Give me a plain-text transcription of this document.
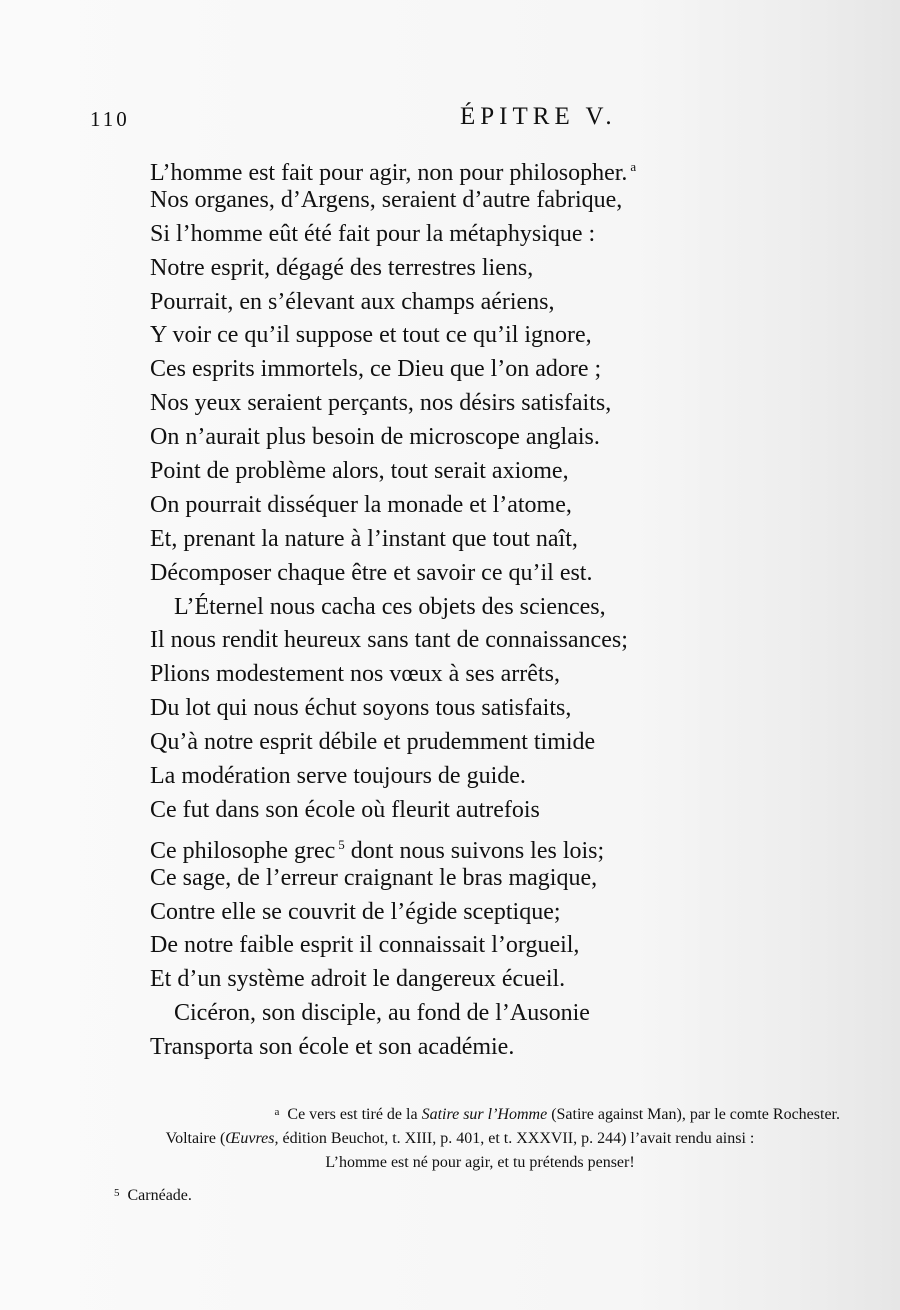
110	ÉPITRE V.
L’homme est fait pour agir, non pour philosopher. $^a$
Nos organes, d’Argens, seraient d’autre fabrique,
Si l’homme eût été fait pour la métaphysique :
Notre esprit, dégagé des terrestres liens,
Pourrait, en s’élevant aux champs aériens,
Y voir ce qu’il suppose et tout ce qu’il ignore,
Ces esprits immortels, ce Dieu que l’on adore ;
Nos yeux seraient perçants, nos désirs satisfaits,
On n’aurait plus besoin de microscope anglais.
Point de problème alors, tout serait axiome,
On pourrait disséquer la monade et l’atome,
Et, prenant la nature à l’instant que tout naît,
Décomposer chaque être et savoir ce qu’il est.
L’Éternel nous cacha ces objets des sciences,
Il nous rendit heureux sans tant de connaissances;
Plions modestement nos vœux à ses arrêts,
Du lot qui nous échut soyons tous satisfaits,
Qu’à notre esprit débile et prudemment timide
La modération serve toujours de guide.
Ce fut dans son école où fleurit autrefois
Ce philosophe grec $^5$ dont nous suivons les lois;
Ce sage, de l’erreur craignant le bras magique,
Contre elle se couvrit de l’égide sceptique;
De notre faible esprit il connaissait l’orgueil,
Et d’un système adroit le dangereux écueil.
Cicéron, son disciple, au fond de l’Ausonie
Transporta son école et son académie.
$^a$ Ce vers est tiré de la Satire sur l’Homme (Satire against Man), par le comte Rochester.
Voltaire (Œuvres, édition Beuchot, t. XIII, p. 401, et t. XXXVII, p. 244) l’avait rendu ainsi :
L’homme est né pour agir, et tu prétends penser!
$^5$ Carnéade.
